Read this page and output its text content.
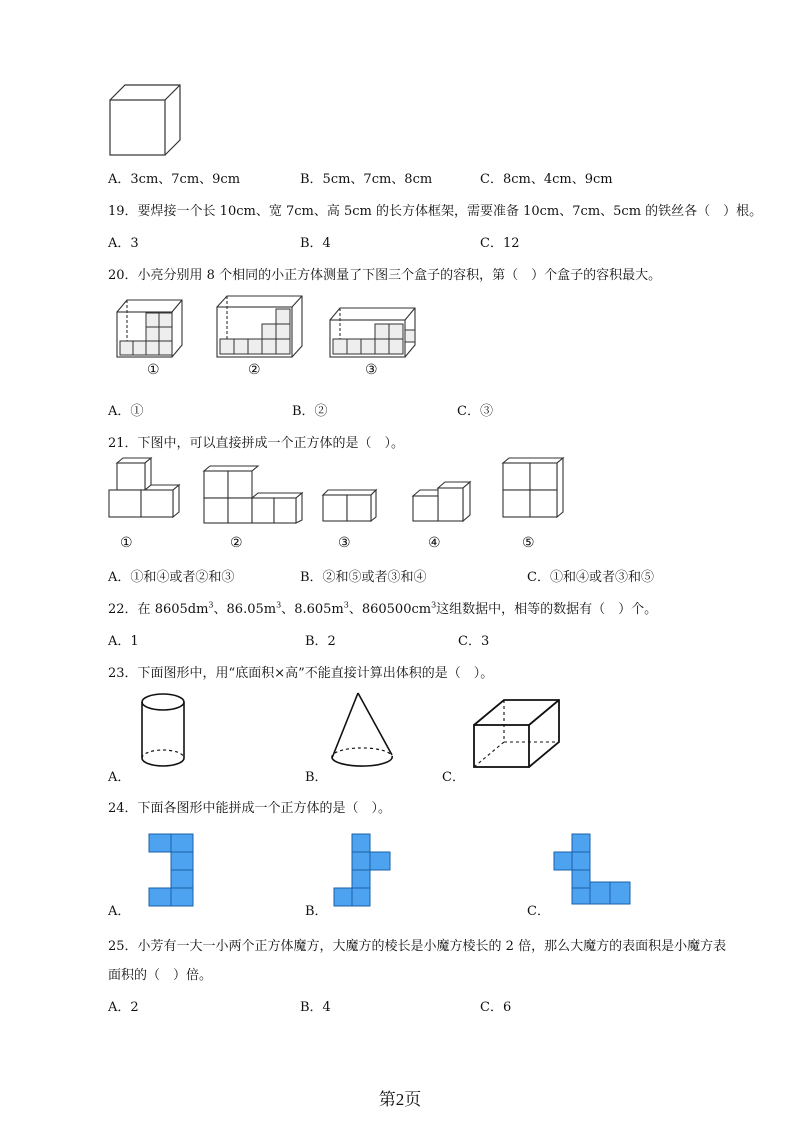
A．3cm、7cm、9cm	B．5cm、7cm、8cm	C．8cm、4cm、9cm
19．要焊接一个长 10cm、宽 7cm、高 5cm 的长方体框架，需要准备 10cm、7cm、5cm 的铁丝各（　）根。
A．3	B．4	C．12
20．小亮分别用 8 个相同的小正方体测量了下图三个盒子的容积，第（　）个盒子的容积最大。
①	②	③
A．①	B．②	C．③
21．下图中，可以直接拼成一个正方体的是（　）。
①	②	③	④	⑤
A．①和④或者②和③	B．②和⑤或者③和④	C．①和④或者③和⑤
22．在 $8605dm^3$、$86.05m^3$、$8.605m^3$、$860500cm^3$这组数据中，相等的数据有（　）个。
A．1	B．2	C．3
23．下面图形中，用“底面积×高”不能直接计算出体积的是（　）。
A．	B．	C．
24．下面各图形中能拼成一个正方体的是（　）。
A．	B．	C．
25．小芳有一大一小两个正方体魔方，大魔方的棱长是小魔方棱长的 2 倍，那么大魔方的表面积是小魔方表
面积的（　）倍。
A．2	B．4	C．6
第2页
